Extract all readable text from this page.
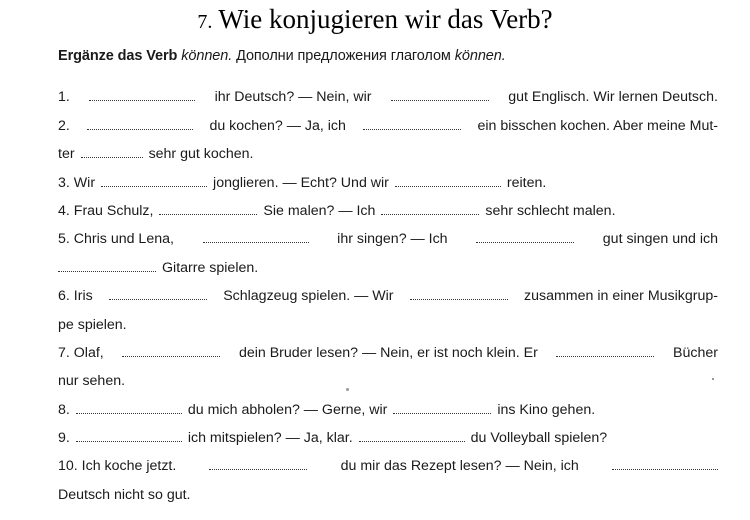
7. Wie konjugieren wir das Verb?
Ergänze das Verb können. Дополни предложения глаголом können.
1.	ihr Deutsch? — Nein, wir	gut Englisch. Wir lernen Deutsch.
2.	du kochen? — Ja, ich	ein bisschen kochen. Aber meine Mut-
ter	sehr gut kochen.
3. Wir	jonglieren. — Echt? Und wir	reiten.
4. Frau Schulz,	Sie malen? — Ich	sehr schlecht malen.
5. Chris und Lena,	ihr singen? — Ich	gut singen und ich
Gitarre spielen.
6. Iris	Schlagzeug spielen. — Wir	zusammen in einer Musikgrup-
pe spielen.
7. Olaf,	dein Bruder lesen? — Nein, er ist noch klein. Er	Bücher
nur sehen.
8.	du mich abholen? — Gerne, wir	ins Kino gehen.
9.	ich mitspielen? — Ja, klar.	du Volleyball spielen?
10. Ich koche jetzt.	du mir das Rezept lesen? — Nein, ich
Deutsch nicht so gut.
